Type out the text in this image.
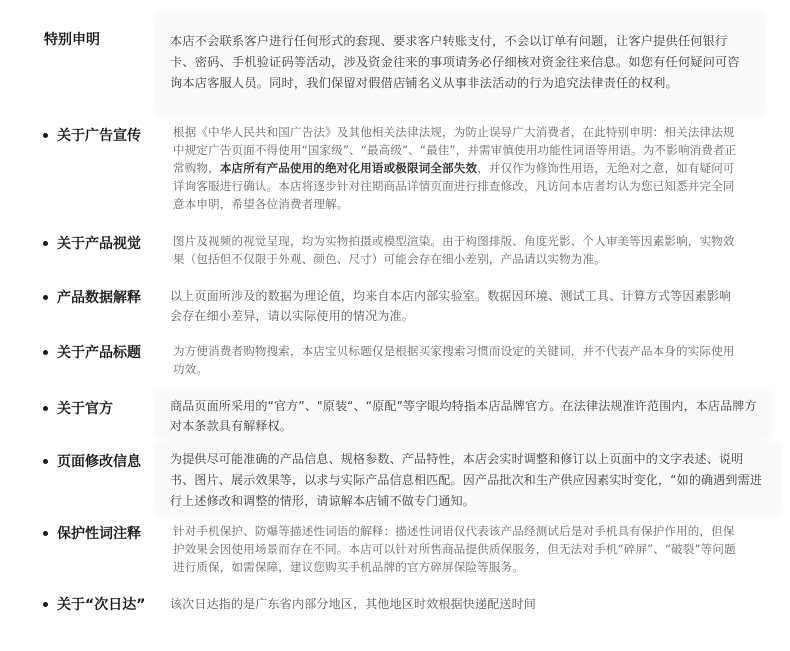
特别申明	本店不会联系客户进行任何形式的套现、要求客户转账支付，不会以订单有问题，让客户提供任何银行卡、密码、手机验证码等活动，涉及资金往来的事项请务必仔细核对资金往来信息。如您有任何疑问可咨询本店客服人员。同时，我们保留对假借店铺名义从事非法活动的行为追究法律责任的权利。

关于广告宣传	根据《中华人民共和国广告法》及其他相关法律法规，为防止误导广大消费者，在此特别申明：相关法律法规中规定广告页面不得使用“国家级”、“最高级”、“最佳”，并需审慎使用功能性词语等用语。为不影响消费者正常购物，本店所有产品使用的绝对化用语或极限词全部失效，并仅作为修饰性用语，无绝对之意，如有疑问可详询客服进行确认。本店将逐步针对往期商品详情页面进行排查修改，凡访问本店者均认为您已知悉并完全同意本申明，希望各位消费者理解。

关于产品视觉	图片及视频的视觉呈现，均为实物拍摄或模型渲染。由于构图排版、角度光影、个人审美等因素影响，实物效果（包括但不仅限于外观、颜色、尺寸）可能会存在细小差别，产品请以实物为准。

产品数据解释 以上页面所涉及的数据为理论值，均来自本店内部实验室。数据因环境、测试工具、计算方式等因素影响会存在细小差异，请以实际使用的情况为准。

关于产品标题	为方便消费者购物搜索，本店宝贝标题仅是根据买家搜索习惯而设定的关键词，并不代表产品本身的实际使用功效。

关于官方	商品页面所采用的“官方”、"原装“、“原配”等字眼均特指本店品牌官方。在法律法规准许范围内，本店品牌方对本条款具有解释权。

页面修改信息 为提供尽可能准确的产品信息、规格参数、产品特性，本店会实时调整和修订以上页面中的文字表述、说明书、图片、展示效果等，以求与实际产品信息相匹配。因产品批次和生产供应因素实时变化，“如的确遇到需进行上述修改和调整的情形，请谅解本店铺不做专门通知。

保护性词注释	针对手机保护、防爆等描述性词语的解释：描述性词语仅代表该产品经测试后是对手机具有保护作用的，但保护效果会因使用场景而存在不同。本店可以针对所售商品提供质保服务，但无法对手机“碎屏”、“破裂”等问题进行质保，如需保障，建议您购买手机品牌的官方碎屏保险等服务。

关于“次日达” 该次日达指的是广东省内部分地区，其他地区时效根据快递配送时间
